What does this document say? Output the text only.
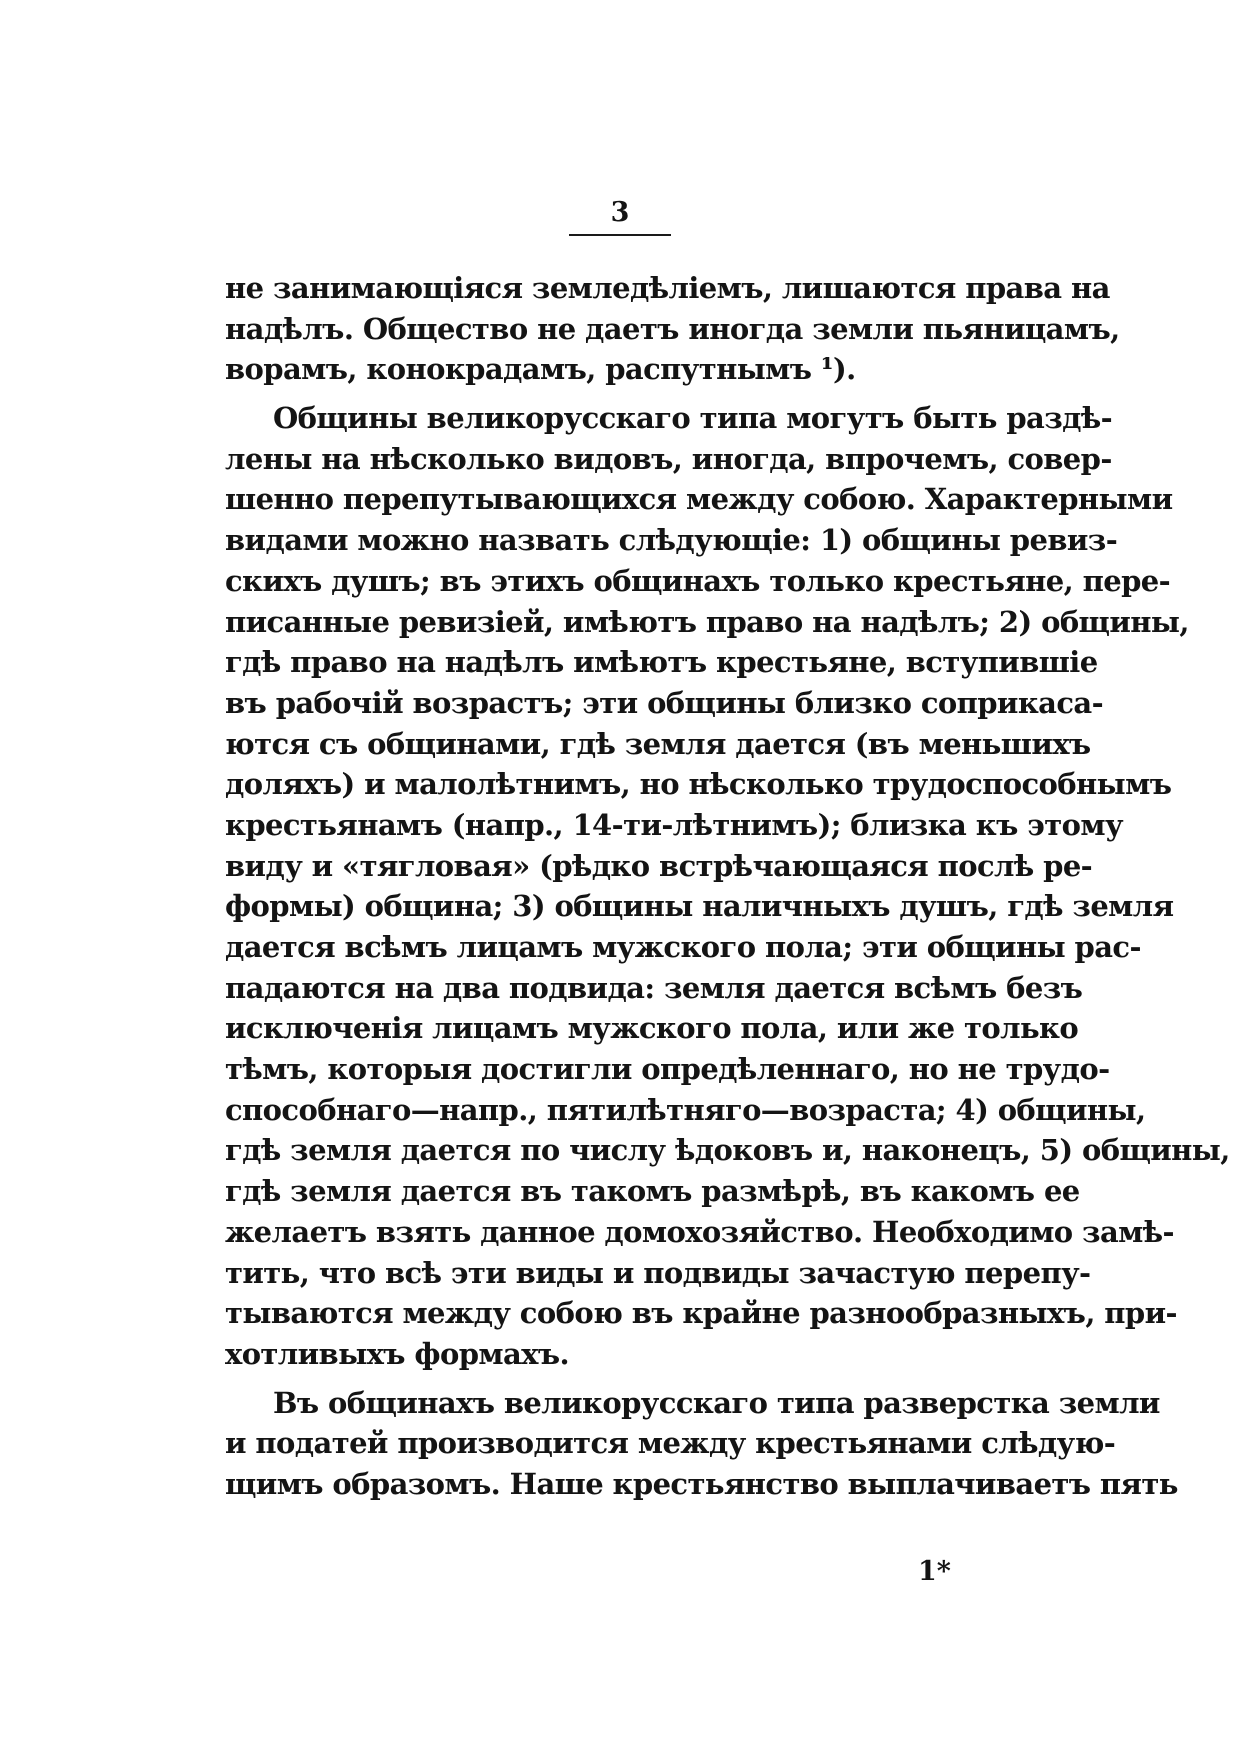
3
не занимающіяся земледѣліемъ, лишаются права на
надѣлъ. Общество не даетъ иногда земли пьяницамъ,
ворамъ, конокрадамъ, распутнымъ ¹).
Общины великорусскаго типа могутъ быть раздѣ-
лены на нѣсколько видовъ, иногда, впрочемъ, совер-
шенно перепутывающихся между собою. Характерными
видами можно назвать слѣдующіе: 1) общины ревиз-
скихъ душъ; въ этихъ общинахъ только крестьяне, пере-
писанные ревизіей, имѣютъ право на надѣлъ; 2) общины,
гдѣ право на надѣлъ имѣютъ крестьяне, вступившіе
въ рабочій возрастъ; эти общины близко соприкаса-
ются съ общинами, гдѣ земля дается (въ меньшихъ
доляхъ) и малолѣтнимъ, но нѣсколько трудоспособнымъ
крестьянамъ (напр., 14-ти-лѣтнимъ); близка къ этому
виду и «тягловая» (рѣдко встрѣчающаяся послѣ ре-
формы) община; 3) общины наличныхъ душъ, гдѣ земля
дается всѣмъ лицамъ мужского пола; эти общины рас-
падаются на два подвида: земля дается всѣмъ безъ
исключенія лицамъ мужского пола, или же только
тѣмъ, которыя достигли опредѣленнаго, но не трудо-
способнаго—напр., пятилѣтняго—возраста; 4) общины,
гдѣ земля дается по числу ѣдоковъ и, наконецъ, 5) общины,
гдѣ земля дается въ такомъ размѣрѣ, въ какомъ ее
желаетъ взять данное домохозяйство. Необходимо замѣ-
тить, что всѣ эти виды и подвиды зачастую перепу-
тываются между собою въ крайне разнообразныхъ, при-
хотливыхъ формахъ.
Въ общинахъ великорусскаго типа разверстка земли
и податей производится между крестьянами слѣдую-
щимъ образомъ. Наше крестьянство выплачиваетъ пять
1*
